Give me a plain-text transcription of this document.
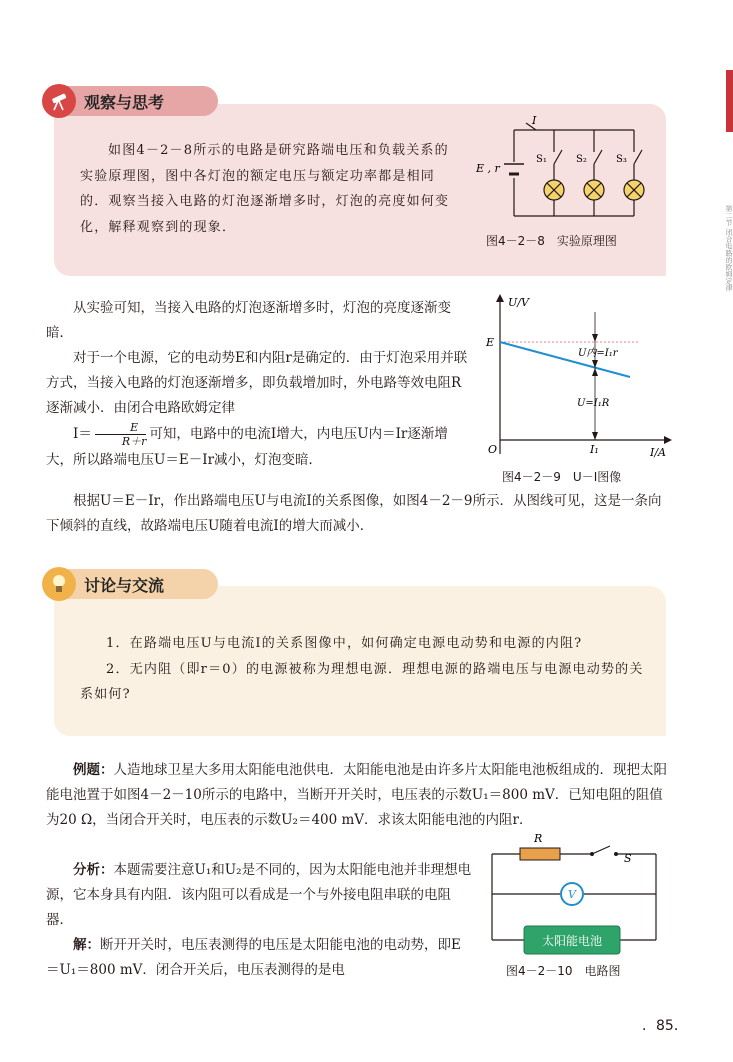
第二节 闭合电路的欧姆定律
观察与思考

如图4－2－8所示的电路是研究路端电压和负载关系的实验原理图，图中各灯泡的额定电压与额定功率都是相同的．观察当接入电路的灯泡逐渐增多时，灯泡的亮度如何变化，解释观察到的现象．

I
E , r
S₁	S₂	S₃
图4－2－8　实验原理图

从实验可知，当接入电路的灯泡逐渐增多时，灯泡的亮度逐渐变暗．

对于一个电源，它的电动势E和内阻r是确定的．由于灯泡采用并联方式，当接入电路的灯泡逐渐增多，即负载增加时，外电路等效电阻R逐渐减小．由闭合电路欧姆定律

I＝	E
R＋r 可知，电路中的电流I增大，内电压U内＝Ir逐渐增大，所以路端电压U＝E－Ir减小，灯泡变暗．

根据U＝E－Ir，作出路端电压U与电流I的关系图像，如图4－2－9所示．从图线可见，这是一条向下倾斜的直线，故路端电压U随着电流I的增大而减小．

U/V
I/A
O
E
I₁
U内=I₁r
U=I₁R
图4－2－9　U－I图像
讨论与交流

1．在路端电压U与电流I的关系图像中，如何确定电源电动势和电源的内阻?

2．无内阻（即r＝0）的电源被称为理想电源．理想电源的路端电压与电源电动势的关系如何?

例题：人造地球卫星大多用太阳能电池供电．太阳能电池是由许多片太阳能电池板组成的．现把太阳能电池置于如图4－2－10所示的电路中，当断开开关时，电压表的示数U₁＝800 mV．已知电阻的阻值为20 Ω，当闭合开关时，电压表的示数U₂＝400 mV．求该太阳能电池的内阻r．

分析：本题需要注意U₁和U₂是不同的，因为太阳能电池并非理想电源，它本身具有内阻．该内阻可以看成是一个与外接电阻串联的电阻器．

解：断开开关时，电压表测得的电压是太阳能电池的电动势，即E＝U₁＝800 mV．闭合开关后，电压表测得的是电

R
S
V
太阳能电池
图4－2－10　电路图
．85．
